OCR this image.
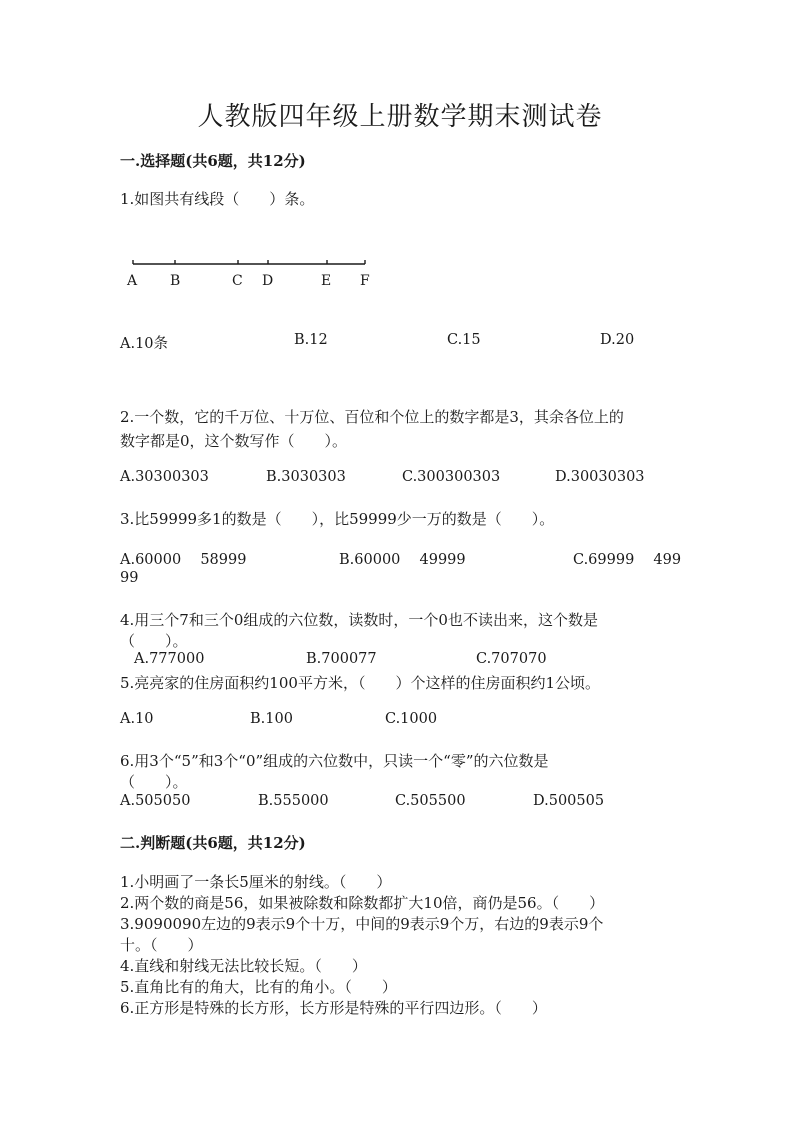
人教版四年级上册数学期末测试卷
一.选择题(共6题，共12分)
1.如图共有线段（　　）条。
A B	C D	E F
A.10条	B.12	C.15	D.20
2.一个数，它的千万位、十万位、百位和个位上的数字都是3，其余各位上的
数字都是0，这个数写作（　　）。
A.30300303	B.3030303	C.300300303	D.30030303
3.比59999多1的数是（　　），比59999少一万的数是（　　）。
A.60000　 58999	B.60000　 49999	C.69999　 499
99
4.用三个7和三个0组成的六位数，读数时，一个0也不读出来，这个数是
（　　）。
A.777000	B.700077	C.707070
5.亮亮家的住房面积约100平方米，（　　）个这样的住房面积约1公顷。
A.10	B.100	C.1000
6.用3个“5”和3个“0”组成的六位数中，只读一个“零”的六位数是
（　　）。
A.505050	B.555000	C.505500	D.500505
二.判断题(共6题，共12分)
1.小明画了一条长5厘米的射线。（　　）
2.两个数的商是56，如果被除数和除数都扩大10倍，商仍是56。（　　）
3.9090090左边的9表示9个十万，中间的9表示9个万，右边的9表示9个
十。（　　）
4.直线和射线无法比较长短。（　　）
5.直角比有的角大，比有的角小。（　　）
6.正方形是特殊的长方形，长方形是特殊的平行四边形。（　　）
